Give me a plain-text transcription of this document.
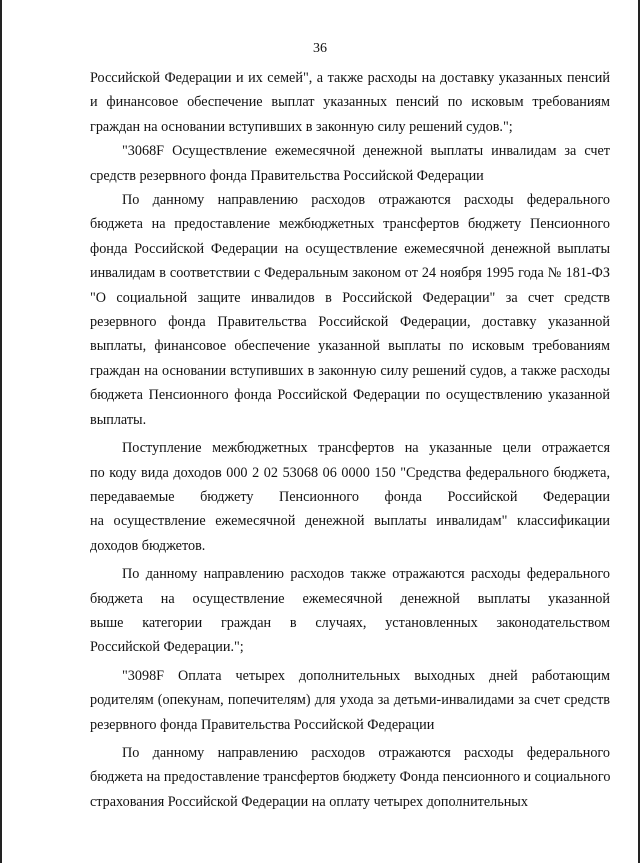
36
Российской Федерации и их семей", а также расходы на доставку указанных пенсий
и финансовое обеспечение выплат указанных пенсий по исковым требованиям
граждан на основании вступивших в законную силу решений судов.";
"3068F Осуществление ежемесячной денежной выплаты инвалидам за счет
средств резервного фонда Правительства Российской Федерации
По данному направлению расходов отражаются расходы федерального
бюджета на предоставление межбюджетных трансфертов бюджету Пенсионного
фонда Российской Федерации на осуществление ежемесячной денежной выплаты
инвалидам в соответствии с Федеральным законом от 24 ноября 1995 года № 181-ФЗ
"О социальной защите инвалидов в Российской Федерации" за счет средств
резервного фонда Правительства Российской Федерации, доставку указанной
выплаты, финансовое обеспечение указанной выплаты по исковым требованиям
граждан на основании вступивших в законную силу решений судов, а также расходы
бюджета Пенсионного фонда Российской Федерации по осуществлению указанной
выплаты.
Поступление межбюджетных трансфертов на указанные цели отражается
по коду вида доходов 000 2 02 53068 06 0000 150 "Средства федерального бюджета,
передаваемые бюджету Пенсионного фонда Российской Федерации
на осуществление ежемесячной денежной выплаты инвалидам" классификации
доходов бюджетов.
По данному направлению расходов также отражаются расходы федерального
бюджета на осуществление ежемесячной денежной выплаты указанной
выше категории граждан в случаях, установленных законодательством
Российской Федерации.";
"3098F Оплата четырех дополнительных выходных дней работающим
родителям (опекунам, попечителям) для ухода за детьми-инвалидами за счет средств
резервного фонда Правительства Российской Федерации
По данному направлению расходов отражаются расходы федерального
бюджета на предоставление трансфертов бюджету Фонда пенсионного и социального
страхования Российской Федерации на оплату четырех дополнительных
